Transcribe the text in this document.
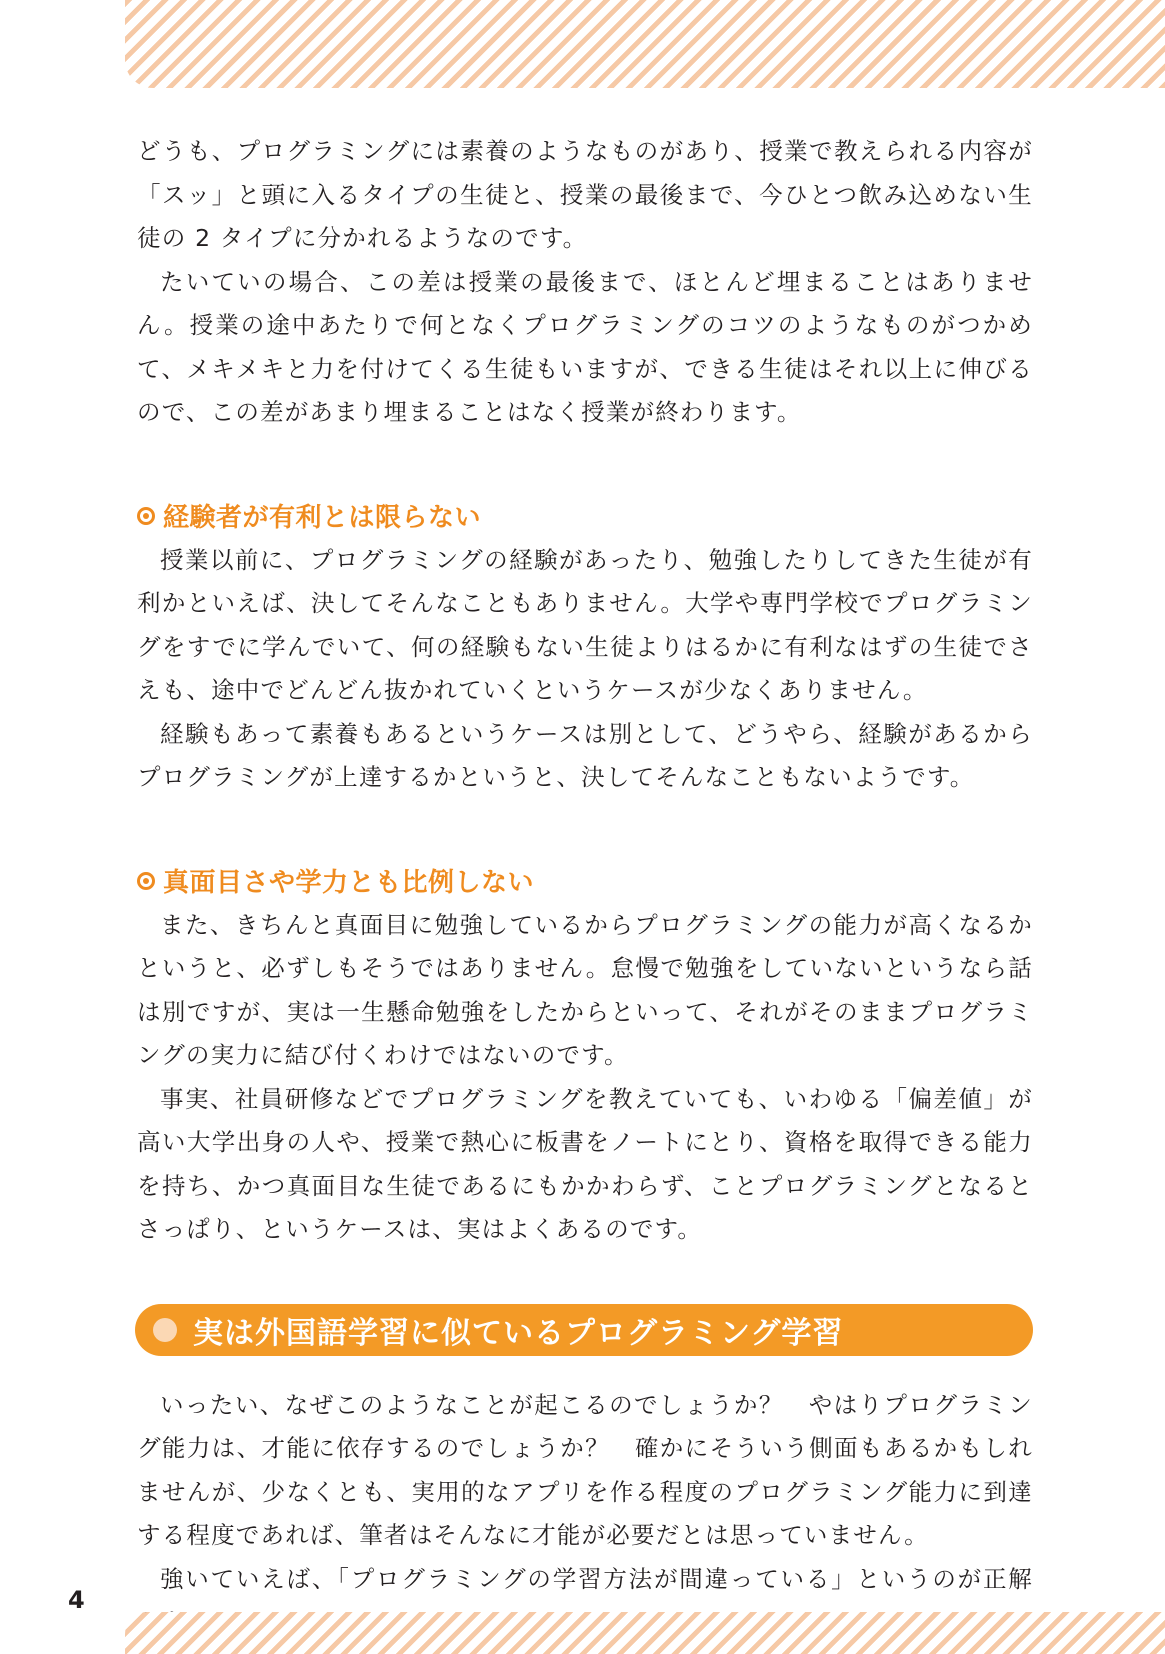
どうも、プログラミングには素養のようなものがあり、授業で教えられる内容が「スッ」と頭に入るタイプの生徒と、授業の最後まで、今ひとつ飲み込めない生徒の 2 タイプに分かれるようなのです。

たいていの場合、この差は授業の最後まで、ほとんど埋まることはありません。授業の途中あたりで何となくプログラミングのコツのようなものがつかめて、メキメキと力を付けてくる生徒もいますが、できる生徒はそれ以上に伸びるので、この差があまり埋まることはなく授業が終わります。

経験者が有利とは限らない

授業以前に、プログラミングの経験があったり、勉強したりしてきた生徒が有利かといえば、決してそんなこともありません。大学や専門学校でプログラミングをすでに学んでいて、何の経験もない生徒よりはるかに有利なはずの生徒でさえも、途中でどんどん抜かれていくというケースが少なくありません。

経験もあって素養もあるというケースは別として、どうやら、経験があるからプログラミングが上達するかというと、決してそんなこともないようです。

真面目さや学力とも比例しない

また、きちんと真面目に勉強しているからプログラミングの能力が高くなるかというと、必ずしもそうではありません。怠慢で勉強をしていないというなら話は別ですが、実は一生懸命勉強をしたからといって、それがそのままプログラミングの実力に結び付くわけではないのです。

事実、社員研修などでプログラミングを教えていても、いわゆる「偏差値」が高い大学出身の人や、授業で熱心に板書をノートにとり、資格を取得できる能力を持ち、かつ真面目な生徒であるにもかかわらず、ことプログラミングとなるとさっぱり、というケースは、実はよくあるのです。

実は外国語学習に似ているプログラミング学習

いったい、なぜこのようなことが起こるのでしょうか？　やはりプログラミング能力は、才能に依存するのでしょうか？　確かにそういう側面もあるかもしれませんが、少なくとも、実用的なアプリを作る程度のプログラミング能力に到達する程度であれば、筆者はそんなに才能が必要だとは思っていません。

強いていえば、「プログラミングの学習方法が間違っている」というのが正解

4
